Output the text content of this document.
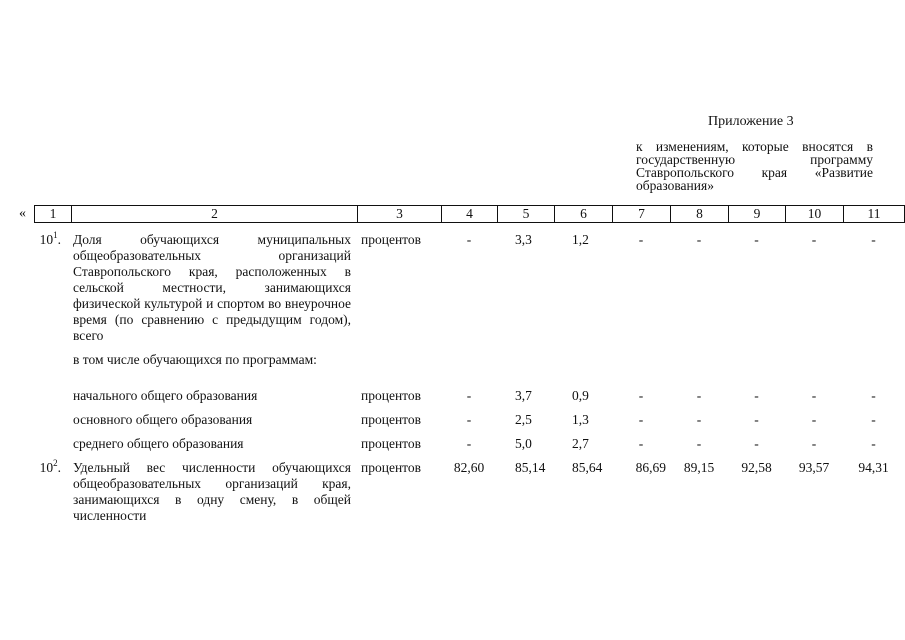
Приложение 3
к изменениям, которые вносятся в государственную программу Ставропольского края «Развитие образования»
« 1	2	3	4	5	6	7	8	9	10	11
$10^1$.	Доля обучающихся муниципальных общеобразовательных организаций Ставропольского края, расположенных в сельской местности, занимающихся физической культурой и спортом во внеурочное время (по сравнению с предыдущим годом), всего	процентов	-	3,3	1,2	-	-	-	-	-

	в том числе обучающихся по программам:									

	начального общего образования	процентов	-	3,7	0,9	-	-	-	-	-

	основного общего образования	процентов	-	2,5	1,3	-	-	-	-	-

	среднего общего образования	процентов	-	5,0	2,7	-	-	-	-	-

$10^2$.	Удельный вес численности обучающихся общеобразовательных организаций края, занимающихся в одну смену, в общей численности	процентов	82,60	85,14	85,64	86,69	89,15	92,58	93,57	94,31
